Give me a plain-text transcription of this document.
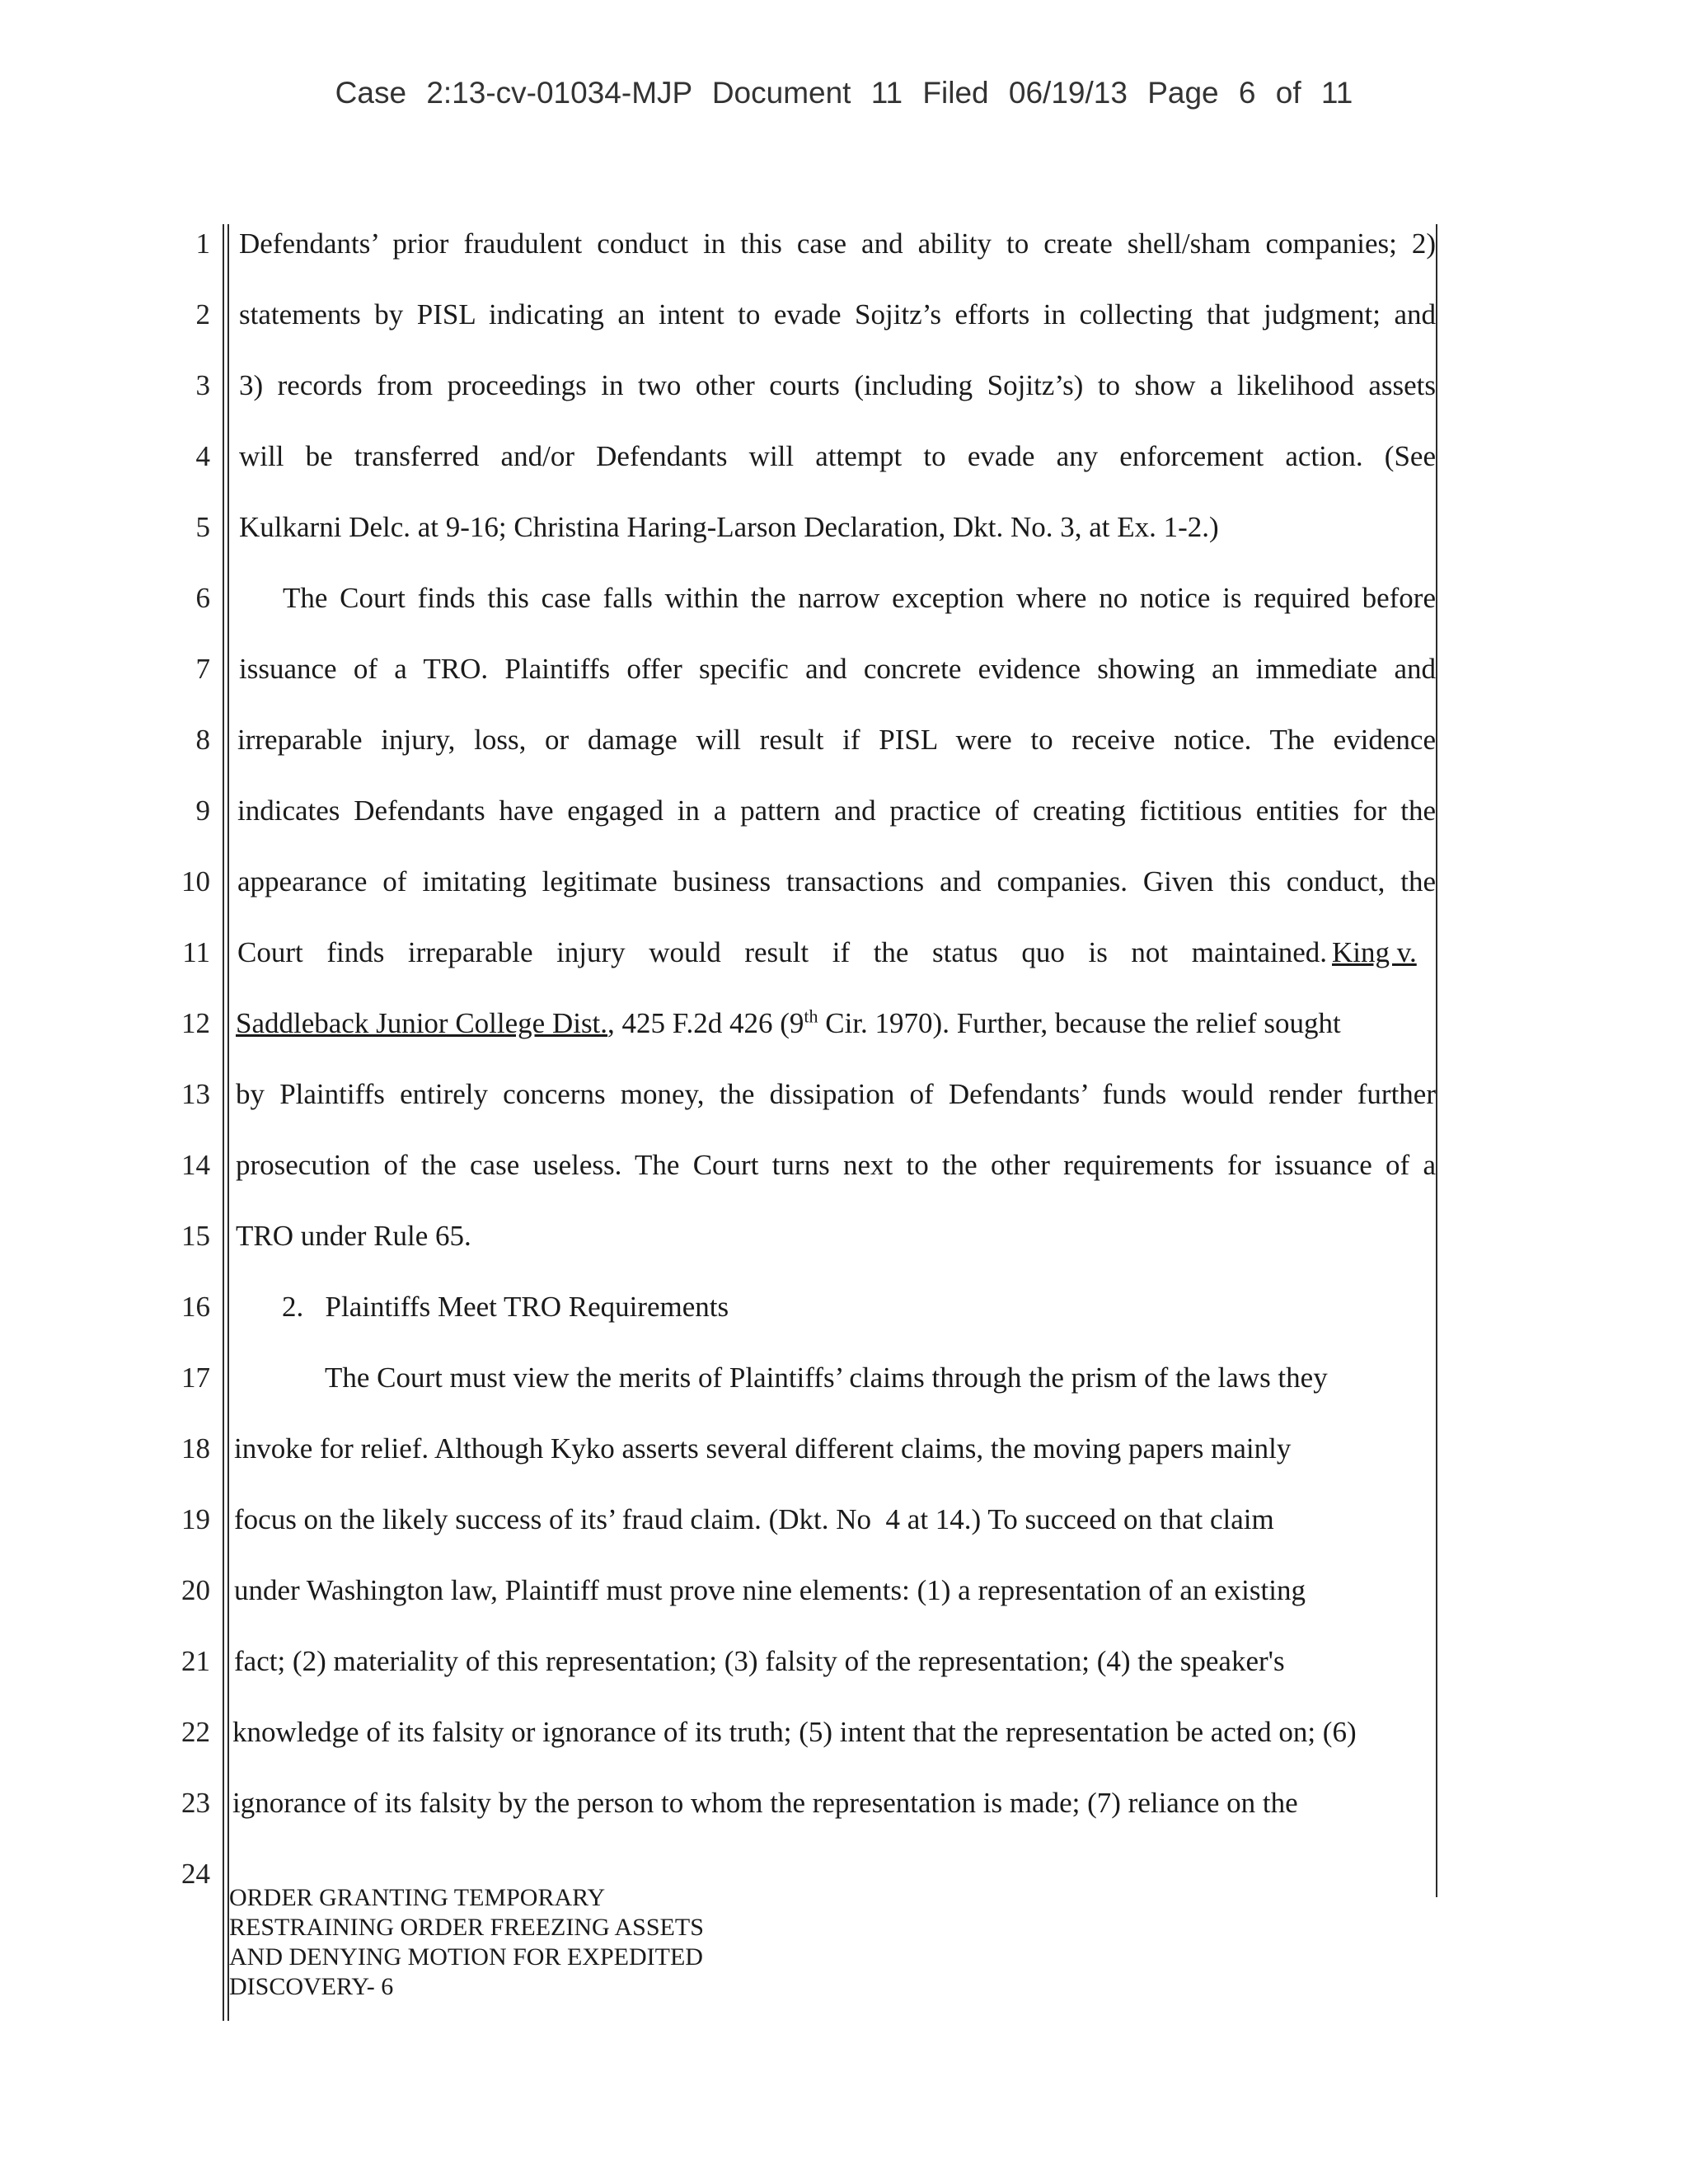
Case 2:13-cv-01034-MJP Document 11 Filed 06/19/13 Page 6 of 11
1
2
3
4
5
6
7
8
9
10
11
12
13
14
15
16
17
18
19
20
21
22
23
24
Defendants’ prior fraudulent conduct in this case and ability to create shell/sham companies; 2)
statements by PISL indicating an intent to evade Sojitz’s efforts in collecting that judgment; and
3) records from proceedings in two other courts (including Sojitz’s) to show a likelihood assets
will be transferred and/or Defendants will attempt to evade any enforcement action. (See
Kulkarni Delc. at 9-16; Christina Haring-Larson Declaration, Dkt. No. 3, at Ex. 1-2.)
The Court finds this case falls within the narrow exception where no notice is required before
issuance of a TRO. Plaintiffs offer specific and concrete evidence showing an immediate and
irreparable injury, loss, or damage will result if PISL were to receive notice. The evidence
indicates Defendants have engaged in a pattern and practice of creating fictitious entities for the
appearance of imitating legitimate business transactions and companies. Given this conduct, the
Court finds irreparable injury would result if the status quo is not maintained. King v.
Saddleback Junior College Dist., 425 F.2d 426 (9th Cir. 1970). Further, because the relief sought
by Plaintiffs entirely concerns money, the dissipation of Defendants’ funds would render further
prosecution of the case useless. The Court turns next to the other requirements for issuance of a
TRO under Rule 65.
2.   Plaintiffs Meet TRO Requirements
The Court must view the merits of Plaintiffs’ claims through the prism of the laws they
invoke for relief. Although Kyko asserts several different claims, the moving papers mainly
focus on the likely success of its’ fraud claim. (Dkt. No  4 at 14.) To succeed on that claim
under Washington law, Plaintiff must prove nine elements: (1) a representation of an existing
fact; (2) materiality of this representation; (3) falsity of the representation; (4) the speaker's
knowledge of its falsity or ignorance of its truth; (5) intent that the representation be acted on; (6)
ignorance of its falsity by the person to whom the representation is made; (7) reliance on the
ORDER GRANTING TEMPORARY
RESTRAINING ORDER FREEZING ASSETS
AND DENYING MOTION FOR EXPEDITED
DISCOVERY- 6
